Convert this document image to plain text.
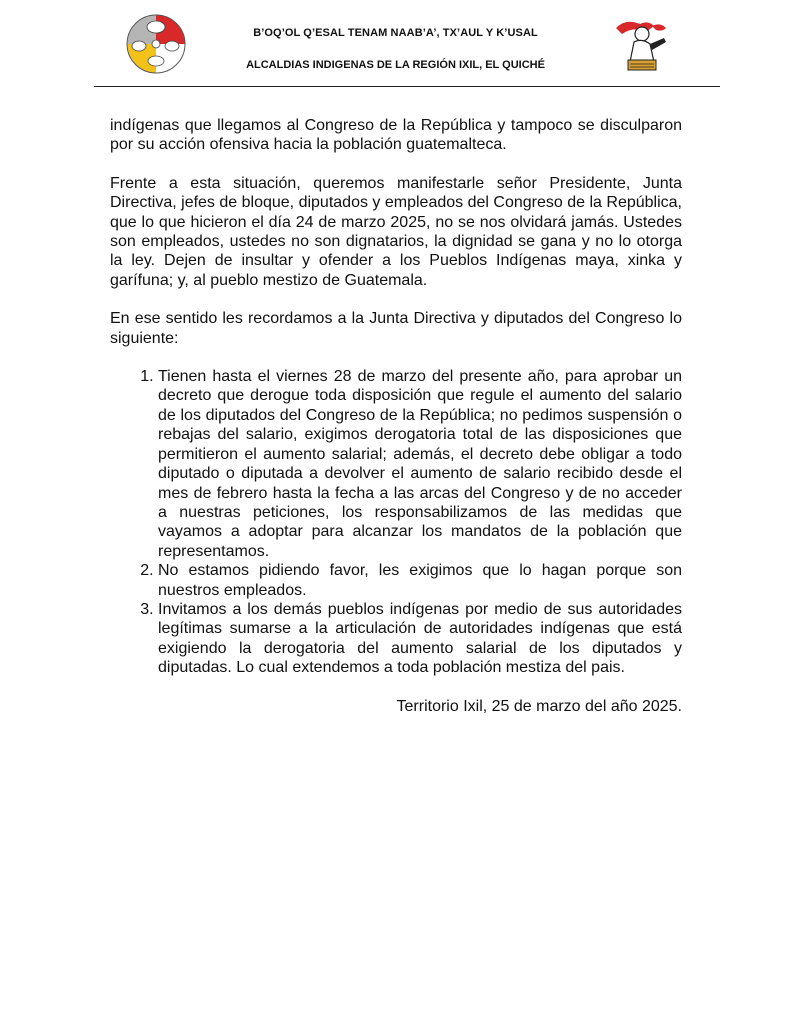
B’OQ’OL Q’ESAL TENAM NAAB’A’, TX’AUL Y K’USAL
ALCALDIAS INDIGENAS DE LA REGIÓN IXIL, EL QUICHÉ

indígenas que llegamos al Congreso de la República y tampoco se disculparon por su acción ofensiva hacia la población guatemalteca.

Frente a esta situación, queremos manifestarle señor Presidente, Junta Directiva, jefes de bloque, diputados y empleados del Congreso de la República, que lo que hicieron el día 24 de marzo 2025, no se nos olvidará jamás. Ustedes son empleados, ustedes no son dignatarios, la dignidad se gana y no lo otorga la ley. Dejen de insultar y ofender a los Pueblos Indígenas maya, xinka y garífuna; y, al pueblo mestizo de Guatemala.

En ese sentido les recordamos a la Junta Directiva y diputados del Congreso lo siguiente:

1. Tienen hasta el viernes 28 de marzo del presente año, para aprobar un decreto que derogue toda disposición que regule el aumento del salario de los diputados del Congreso de la República; no pedimos suspensión o rebajas del salario, exigimos derogatoria total de las disposiciones que permitieron el aumento salarial; además, el decreto debe obligar a todo diputado o diputada a devolver el aumento de salario recibido desde el mes de febrero hasta la fecha a las arcas del Congreso y de no acceder a nuestras peticiones, los responsabilizamos de las medidas que vayamos a adoptar para alcanzar los mandatos de la población que representamos.
2. No estamos pidiendo favor, les exigimos que lo hagan porque son nuestros empleados.
3. Invitamos a los demás pueblos indígenas por medio de sus autoridades legítimas sumarse a la articulación de autoridades indígenas que está exigiendo la derogatoria del aumento salarial de los diputados y diputadas. Lo cual extendemos a toda población mestiza del pais.
Territorio Ixil, 25 de marzo del año 2025.
